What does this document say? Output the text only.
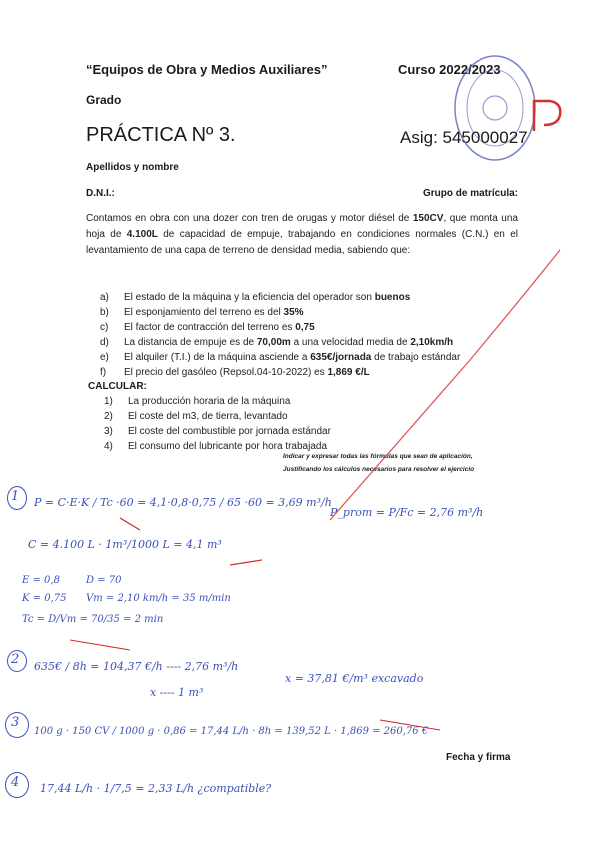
“Equipos de Obra y Medios Auxiliares”	Curso 2022/2023
Grado
PRÁCTICA Nº 3.	Asig: 545000027
Apellidos y nombre
D.N.I.:	Grupo de matrícula:
Contamos en obra con una dozer con tren de orugas y motor diésel de 150CV, que monta una hoja de 4.100L de capacidad de empuje, trabajando en condiciones normales (C.N.) en el levantamiento de una capa de terreno de densidad media, sabiendo que:
a)	El estado de la máquina y la eficiencia del operador son buenos
b)	El esponjamiento del terreno es del 35%
c)	El factor de contracción del terreno es 0,75
d)	La distancia de empuje es de 70,00m a una velocidad media de 2,10km/h
e)	El alquiler (T.I.) de la máquina asciende a 635€/jornada de trabajo estándar
f)	El precio del gasóleo (Repsol.04-10-2022) es 1,869 €/L
CALCULAR:
1)	La producción horaria de la máquina
2)	El coste del m3, de tierra, levantado
3)	El coste del combustible por jornada estándar
4)	El consumo del lubricante por hora trabajada
Indicar y expresar todas las fórmulas que sean de aplicación,
Justificando los cálculos necesarios para resolver el ejercicio
1 P = C·E·K / Tc ·60 = 4,1·0,8·0,75 / 65 ·60 = 3,69 m³/h
P_prom = P/Fc = 2,76 m³/h
C = 4.100 L · 1m³/1000 L = 4,1 m³
E = 0,8	D = 70
K = 0,75 Vm = 2,10 km/h = 35 m/min
Tc = D/Vm = 70/35 = 2 min
2 635€ / 8h = 104,37 €/h ---- 2,76 m³/h
x ---- 1 m³
x = 37,81 €/m³ excavado
3
100 g · 150 CV / 1000 g · 0,86 = 17,44 L/h · 8h = 139,52 L · 1,869 = 260,76 €
Fecha y firma
4 17,44 L/h · 1/7,5 = 2,33 L/h ¿compatible?
